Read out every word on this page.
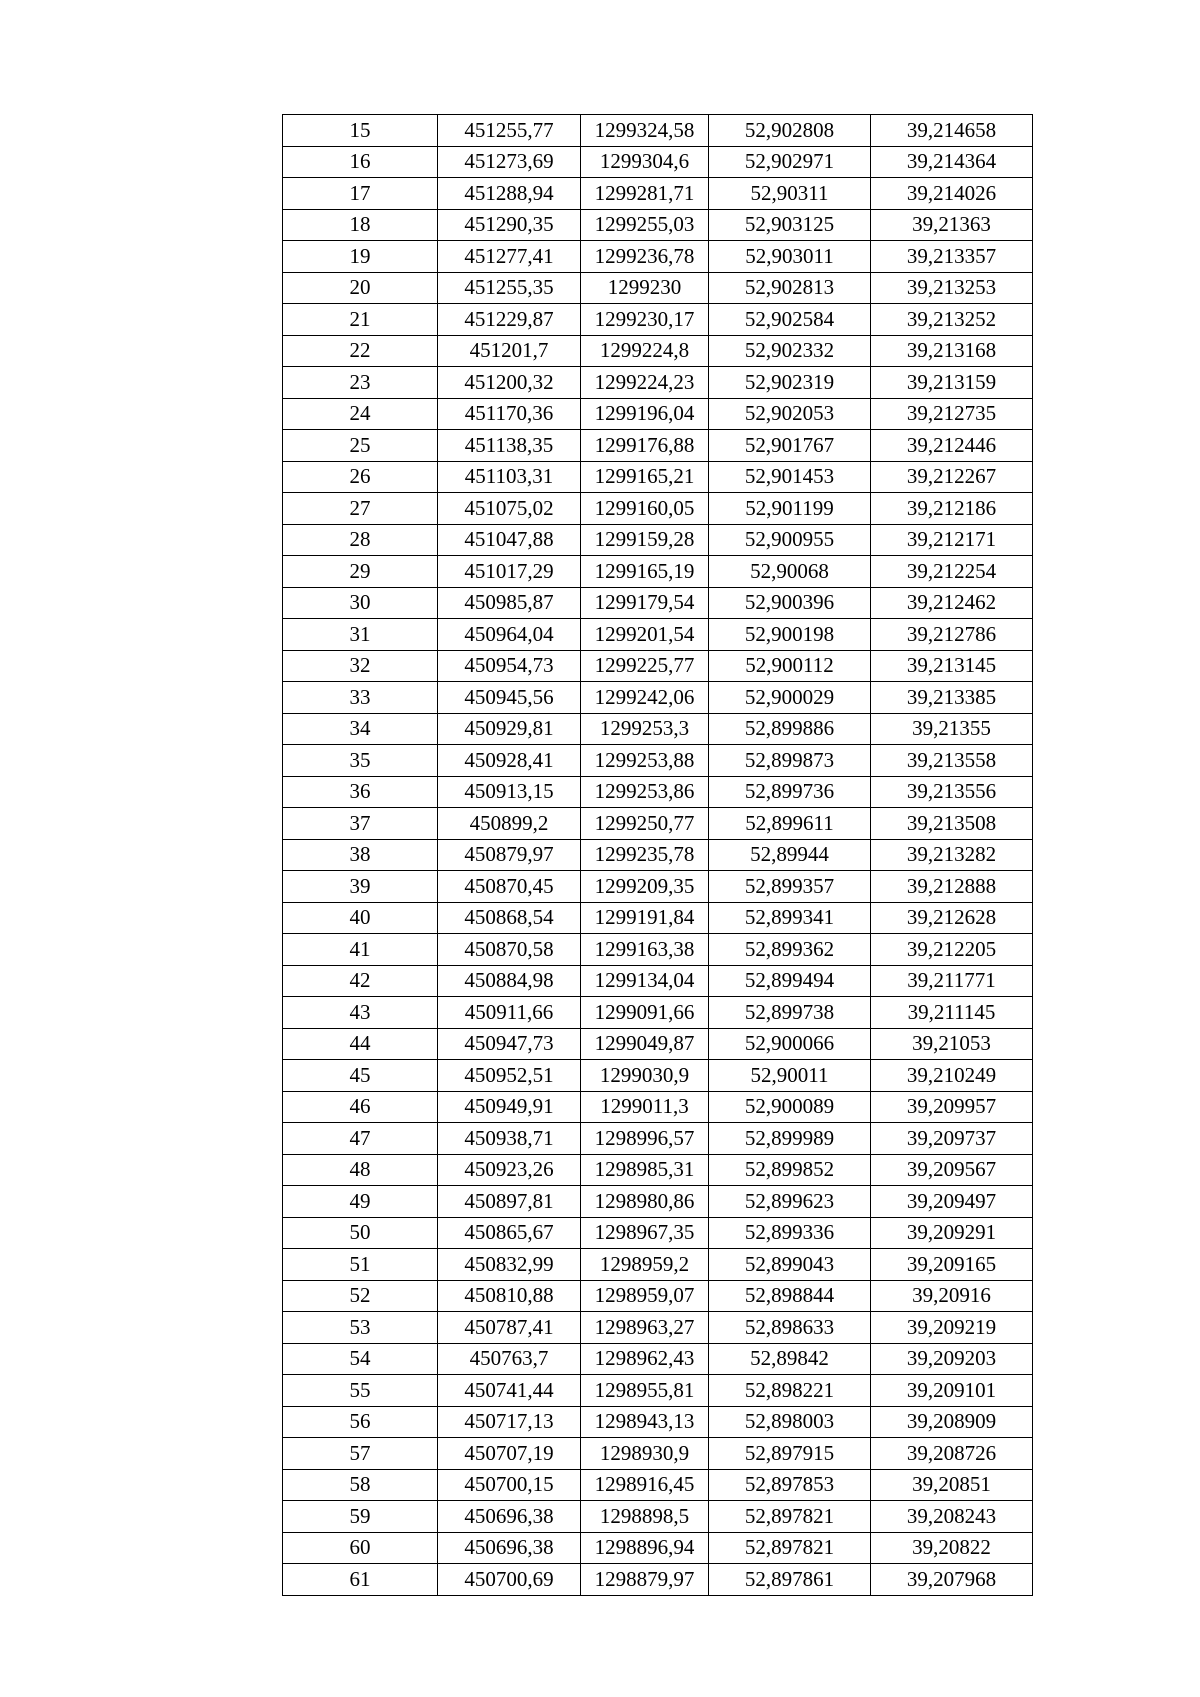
15	451255,77	1299324,58	52,902808	39,214658
16	451273,69	1299304,6	52,902971	39,214364
17	451288,94	1299281,71	52,90311	39,214026
18	451290,35	1299255,03	52,903125	39,21363
19	451277,41	1299236,78	52,903011	39,213357
20	451255,35	1299230	52,902813	39,213253
21	451229,87	1299230,17	52,902584	39,213252
22	451201,7	1299224,8	52,902332	39,213168
23	451200,32	1299224,23	52,902319	39,213159
24	451170,36	1299196,04	52,902053	39,212735
25	451138,35	1299176,88	52,901767	39,212446
26	451103,31	1299165,21	52,901453	39,212267
27	451075,02	1299160,05	52,901199	39,212186
28	451047,88	1299159,28	52,900955	39,212171
29	451017,29	1299165,19	52,90068	39,212254
30	450985,87	1299179,54	52,900396	39,212462
31	450964,04	1299201,54	52,900198	39,212786
32	450954,73	1299225,77	52,900112	39,213145
33	450945,56	1299242,06	52,900029	39,213385
34	450929,81	1299253,3	52,899886	39,21355
35	450928,41	1299253,88	52,899873	39,213558
36	450913,15	1299253,86	52,899736	39,213556
37	450899,2	1299250,77	52,899611	39,213508
38	450879,97	1299235,78	52,89944	39,213282
39	450870,45	1299209,35	52,899357	39,212888
40	450868,54	1299191,84	52,899341	39,212628
41	450870,58	1299163,38	52,899362	39,212205
42	450884,98	1299134,04	52,899494	39,211771
43	450911,66	1299091,66	52,899738	39,211145
44	450947,73	1299049,87	52,900066	39,21053
45	450952,51	1299030,9	52,90011	39,210249
46	450949,91	1299011,3	52,900089	39,209957
47	450938,71	1298996,57	52,899989	39,209737
48	450923,26	1298985,31	52,899852	39,209567
49	450897,81	1298980,86	52,899623	39,209497
50	450865,67	1298967,35	52,899336	39,209291
51	450832,99	1298959,2	52,899043	39,209165
52	450810,88	1298959,07	52,898844	39,20916
53	450787,41	1298963,27	52,898633	39,209219
54	450763,7	1298962,43	52,89842	39,209203
55	450741,44	1298955,81	52,898221	39,209101
56	450717,13	1298943,13	52,898003	39,208909
57	450707,19	1298930,9	52,897915	39,208726
58	450700,15	1298916,45	52,897853	39,20851
59	450696,38	1298898,5	52,897821	39,208243
60	450696,38	1298896,94	52,897821	39,20822
61	450700,69	1298879,97	52,897861	39,207968
